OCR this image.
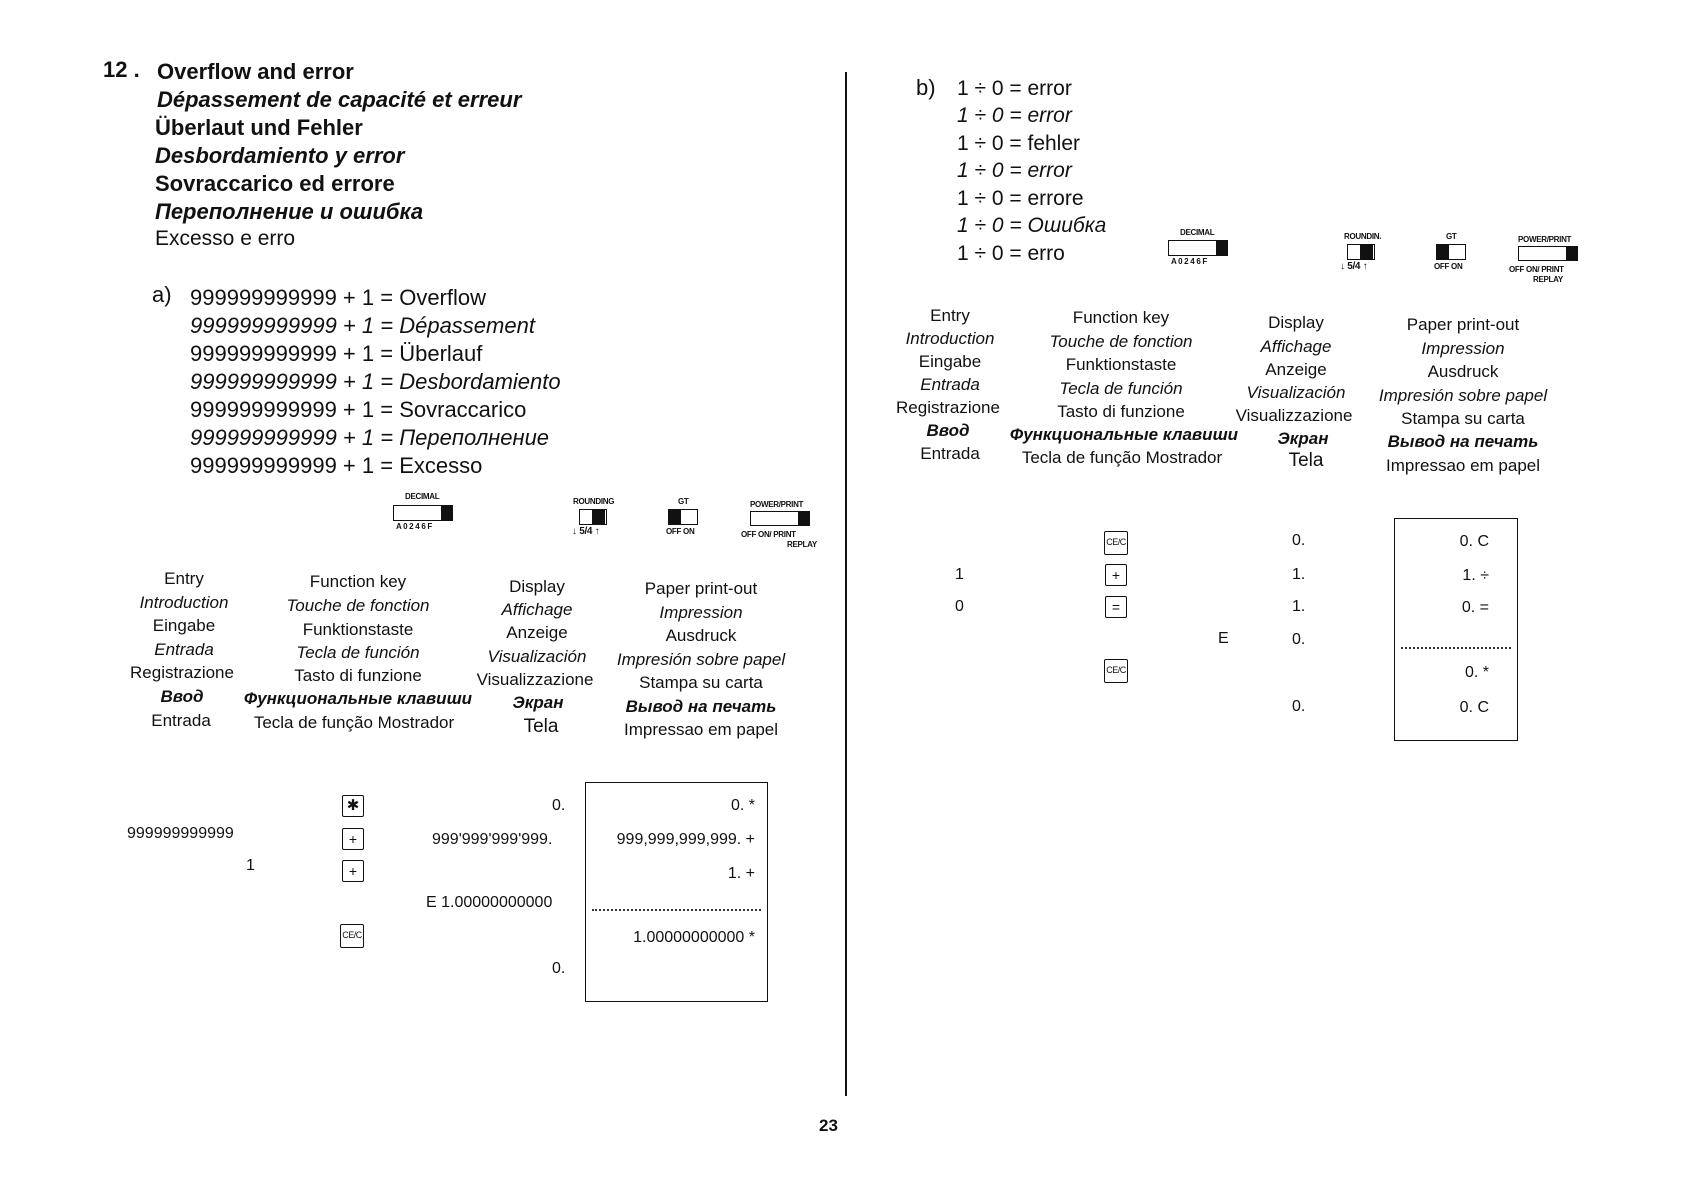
12 . Overflow and error
Dépassement de capacité et erreur
Überlaut und Fehler
Desbordamiento y error
Sovraccarico ed errore
Переполнение и ошибка
Excesso e erro
a) 999999999999 + 1 = Overflow
999999999999 + 1 = Dépassement
999999999999 + 1 = Überlauf
999999999999 + 1 = Desbordamiento
999999999999 + 1 = Sovraccarico
999999999999 + 1 = Переполнение
999999999999 + 1 = Excesso
DECIMAL
A 0 2 4 6 F
ROUNDING
↓ 5/4 ↑
GT
OFF ON
POWER/PRINT
OFF ON/ PRINT
REPLAY
Entry
Introduction
Eingabe
Entrada
Registrazione
Ввод
Entrada
Function key
Touche de fonction
Funktionstaste
Tecla de función
Tasto di funzione
Функциональные клавиши
Tecla de função Mostrador
Display
Affichage
Anzeige
Visualización
Visualizzazione
Экран
Tela
Paper print-out
Impression
Ausdruck
Impresión sobre papel
Stampa su carta
Вывод на печать
Impressao em papel
999999999999
1
✱
+
+
CE/C
0.
999'999'999'999.
E 1.00000000000
0.
0. *
999,999,999,999. +
1. +
1.00000000000 *
23
b) 1 ÷ 0 = error
1 ÷ 0 = error
1 ÷ 0 = fehler
1 ÷ 0 = error
1 ÷ 0 = errore
1 ÷ 0 = Ошибка
1 ÷ 0 = erro
DECIMAL
A 0 2 4 6 F
ROUNDIN.
↓ 5/4 ↑
GT
OFF ON
POWER/PRINT
OFF ON/ PRINT
REPLAY
Entry
Introduction
Eingabe
Entrada
Registrazione
Ввод
Entrada
Function key
Touche de fonction
Funktionstaste
Tecla de función
Tasto di funzione
Функциональные клавиши
Tecla de função Mostrador
Display
Affichage
Anzeige
Visualización
Visualizzazione
Экран
Tela
Paper print-out
Impression
Ausdruck
Impresión sobre papel
Stampa su carta
Вывод на печать
Impressao em papel
1
0
CE/C
+
=
CE/C
E
0.
1.
1.
0.
0.
0. C
1. ÷
0. =
0. *
0. C
